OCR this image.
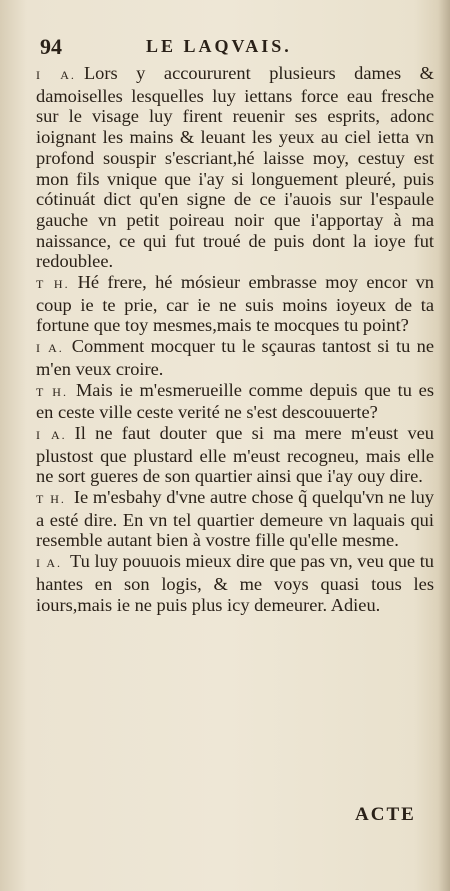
94	LE LAQVAIS.

I A. Lors y accoururent plusieurs dames & damoiselles lesquelles luy iettans force eau fresche sur le visage luy firent reuenir ses esprits, adonc ioignant les mains & leuant les yeux au ciel ietta vn profond souspir s'escriant,hé laisse moy, cestuy est mon fils vnique que i'ay si longuement pleuré, puis cótinuát dict qu'en signe de ce i'auois sur l'espaule gauche vn petit poireau noir que i'apportay à ma naissance, ce qui fut troué de puis dont la ioye fut redoublee.

T H. Hé frere, hé mósieur embrasse moy encor vn coup ie te prie, car ie ne suis moins ioyeux de ta fortune que toy mesmes,mais te mocques tu point?

I A. Comment mocquer tu le sçauras tantost si tu ne m'en veux croire.

T H. Mais ie m'esmerueille comme depuis que tu es en ceste ville ceste verité ne s'est descouuerte?

I A. Il ne faut douter que si ma mere m'eust veu plustost que plustard elle m'eust recogneu, mais elle ne sort gueres de son quartier ainsi que i'ay ouy dire.

T H. Ie m'esbahy d'vne autre chose q̃ quelqu'vn ne luy a esté dire. En vn tel quartier demeure vn laquais qui resemble autant bien à vostre fille qu'elle mesme.

I A. Tu luy pouuois mieux dire que pas vn, veu que tu hantes en son logis, & me voys quasi tous les iours,mais ie ne puis plus icy demeurer. Adieu.

ACTE
